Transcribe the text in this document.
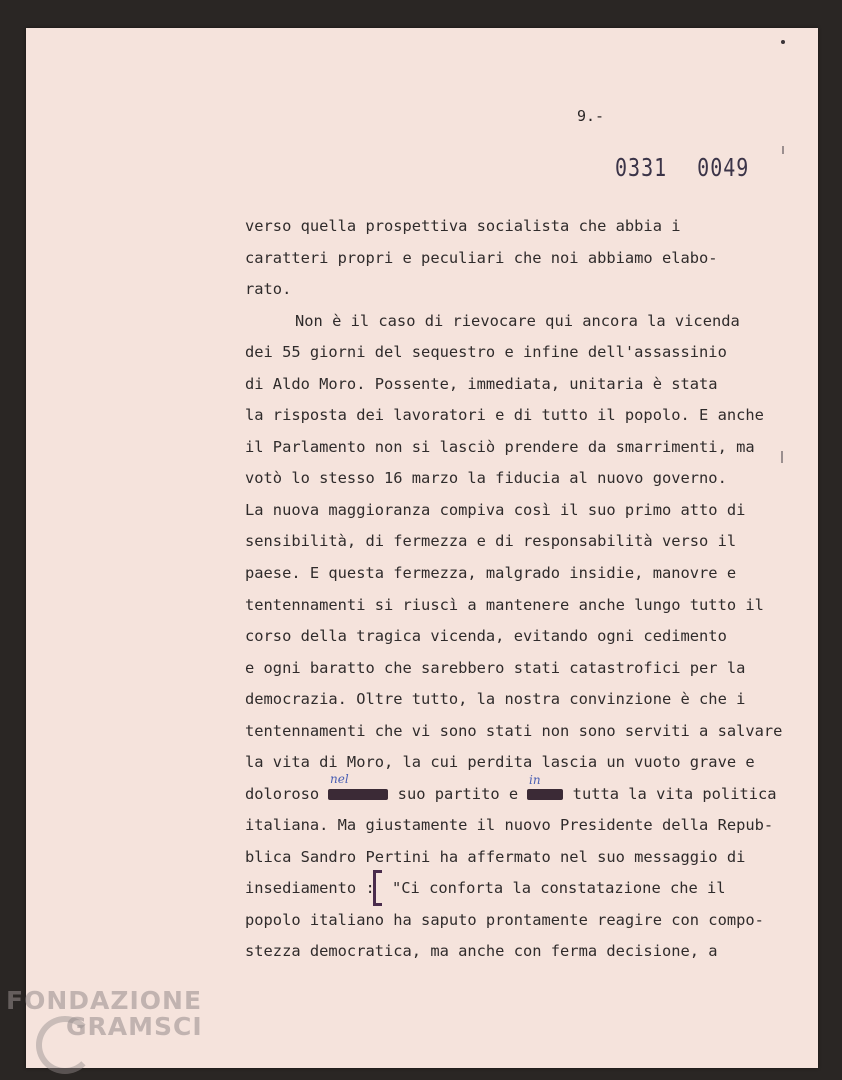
9.-
0331 0049
verso quella prospettiva socialista che abbia i
caratteri propri e peculiari che noi abbiamo elabo-
rato.
Non è il caso di rievocare qui ancora la vicenda
dei 55 giorni del sequestro e infine dell'assassinio
di Aldo Moro. Possente, immediata, unitaria è stata
la risposta dei lavoratori e di tutto il popolo. E anche
il Parlamento non si lasciò prendere da smarrimenti, ma
votò lo stesso 16 marzo la fiducia al nuovo governo.
La nuova maggioranza compiva così il suo primo atto di
sensibilità, di fermezza e di responsabilità verso il
paese. E questa fermezza, malgrado insidie, manovre e
tentennamenti si riuscì a mantenere anche lungo tutto il
corso della tragica vicenda, evitando ogni cedimento
e ogni baratto che sarebbero stati catastrofici per la
democrazia. Oltre tutto, la nostra convinzione è che i
tentennamenti che vi sono stati non sono serviti a salvare
la vita di Moro, la cui perdita lascia un vuoto grave e
nel	in
doloroso	suo partito e  tutta la vita politica
italiana. Ma giustamente il nuovo Presidente della Repub-
blica Sandro Pertini ha affermato nel suo messaggio di
insediamento : "Ci conforta la constatazione che il
popolo italiano ha saputo prontamente reagire con compo-
stezza democratica, ma anche con ferma decisione, a
FONDAZIONE
GRAMSCI
